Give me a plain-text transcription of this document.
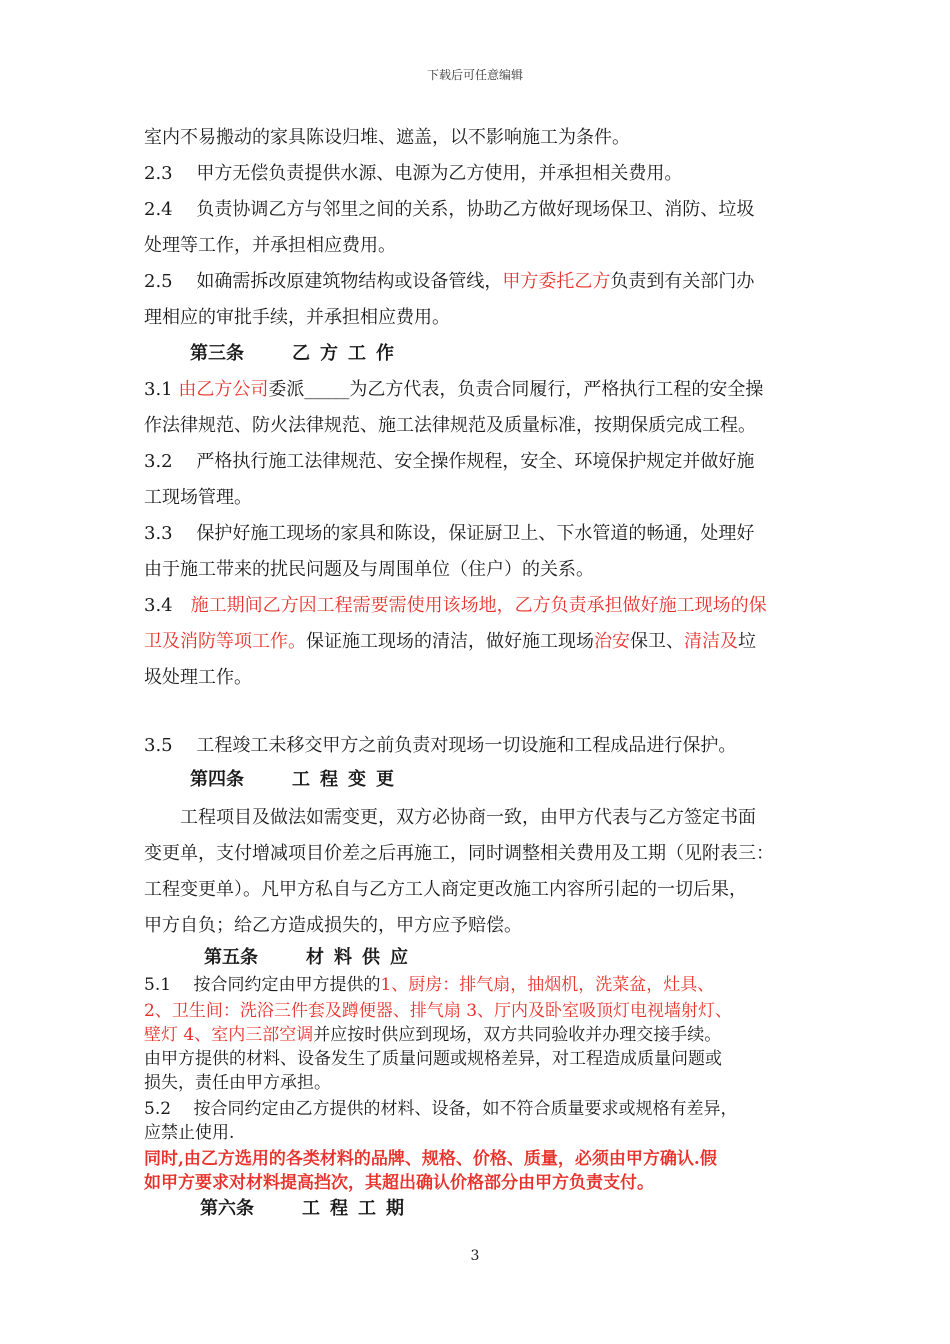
下载后可任意编辑
室内不易搬动的家具陈设归堆、遮盖，以不影响施工为条件。
2.3　 甲方无偿负责提供水源、电源为乙方使用，并承担相关费用。
2.4　 负责协调乙方与邻里之间的关系，协助乙方做好现场保卫、消防、垃圾
处理等工作，并承担相应费用。
2.5　 如确需拆改原建筑物结构或设备管线，甲方委托乙方负责到有关部门办
理相应的审批手续，并承担相应费用。
第三条	乙方工作
3.1 由乙方公司委派_____为乙方代表，负责合同履行，严格执行工程的安全操
作法律规范、防火法律规范、施工法律规范及质量标准，按期保质完成工程。
3.2　 严格执行施工法律规范、安全操作规程，安全、环境保护规定并做好施
工现场管理。
3.3　 保护好施工现场的家具和陈设，保证厨卫上、下水管道的畅通，处理好
由于施工带来的扰民问题及与周围单位（住户）的关系。
3.4　施工期间乙方因工程需要需使用该场地，乙方负责承担做好施工现场的保
卫及消防等项工作。保证施工现场的清洁，做好施工现场治安保卫、清洁及垃
圾处理工作。
3.5　 工程竣工未移交甲方之前负责对现场一切设施和工程成品进行保护。
第四条	工程变更
工程项目及做法如需变更，双方必协商一致，由甲方代表与乙方签定书面
变更单，支付增减项目价差之后再施工，同时调整相关费用及工期（见附表三：
工程变更单）。凡甲方私自与乙方工人商定更改施工内容所引起的一切后果，
甲方自负；给乙方造成损失的，甲方应予赔偿。
第五条	材料供应
5.1　 按合同约定由甲方提供的1、厨房：排气扇，抽烟机，洗菜盆，灶具、
2、卫生间：洗浴三件套及蹲便器、排气扇 3、厅内及卧室吸顶灯电视墙射灯、
壁灯 4、室内三部空调并应按时供应到现场，双方共同验收并办理交接手续。
由甲方提供的材料、设备发生了质量问题或规格差异，对工程造成质量问题或
损失，责任由甲方承担。
5.2　 按合同约定由乙方提供的材料、设备，如不符合质量要求或规格有差异，
应禁止使用.
同时,由乙方选用的各类材料的品牌、规格、价格、质量，必须由甲方确认.假
如甲方要求对材料提高挡次，其超出确认价格部分由甲方负责支付。
第六条	工程工期
3
